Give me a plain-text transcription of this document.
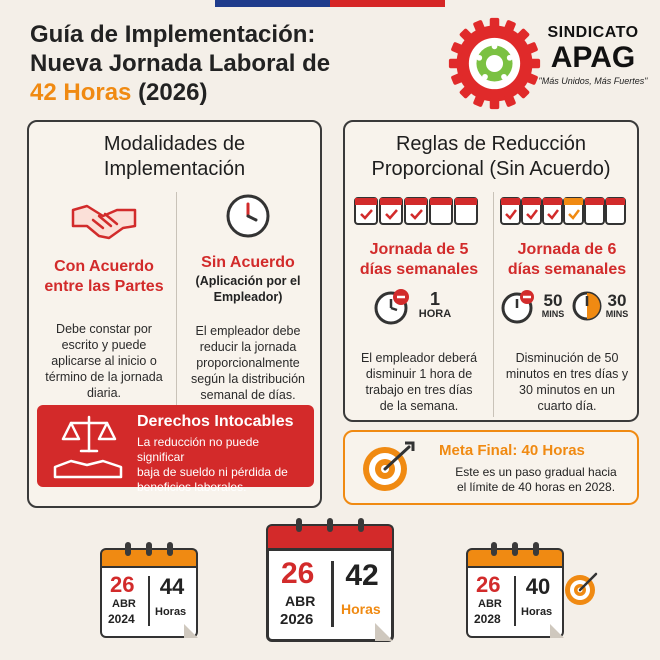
Guía de Implementación:
Nueva Jornada Laboral de
42 Horas (2026)
SINDICATO
APAG
"Más Unidos, Más Fuertes"
Modalidades de
Implementación
Con Acuerdo
entre las Partes
Debe constar por
escrito y puede
aplicarse al inicio o
término de la jornada
diaria.
Sin Acuerdo
(Aplicación por el
Empleador)
El empleador debe
reducir la jornada
proporcionalmente
según la distribución
semanal de días.
Derechos Intocables
La reducción no puede significar
baja de sueldo ni pérdida de
beneficios laborales.
Reglas de Reducción
Proporcional (Sin Acuerdo)
Jornada de 5
días semanales
1
HORA
El empleador deberá
disminuir 1 hora de
trabajo en tres días
de la semana.
Jornada de 6
días semanales
50
MINS
30
MINS
Disminución de 50
minutos en tres días y
30 minutos en un
cuarto día.
Meta Final: 40 Horas
Este es un paso gradual hacia
el límite de 40 horas en 2028.
26
ABR
2024
44
Horas
26
ABR
2026
42
Horas
26
ABR
2028
40
Horas
